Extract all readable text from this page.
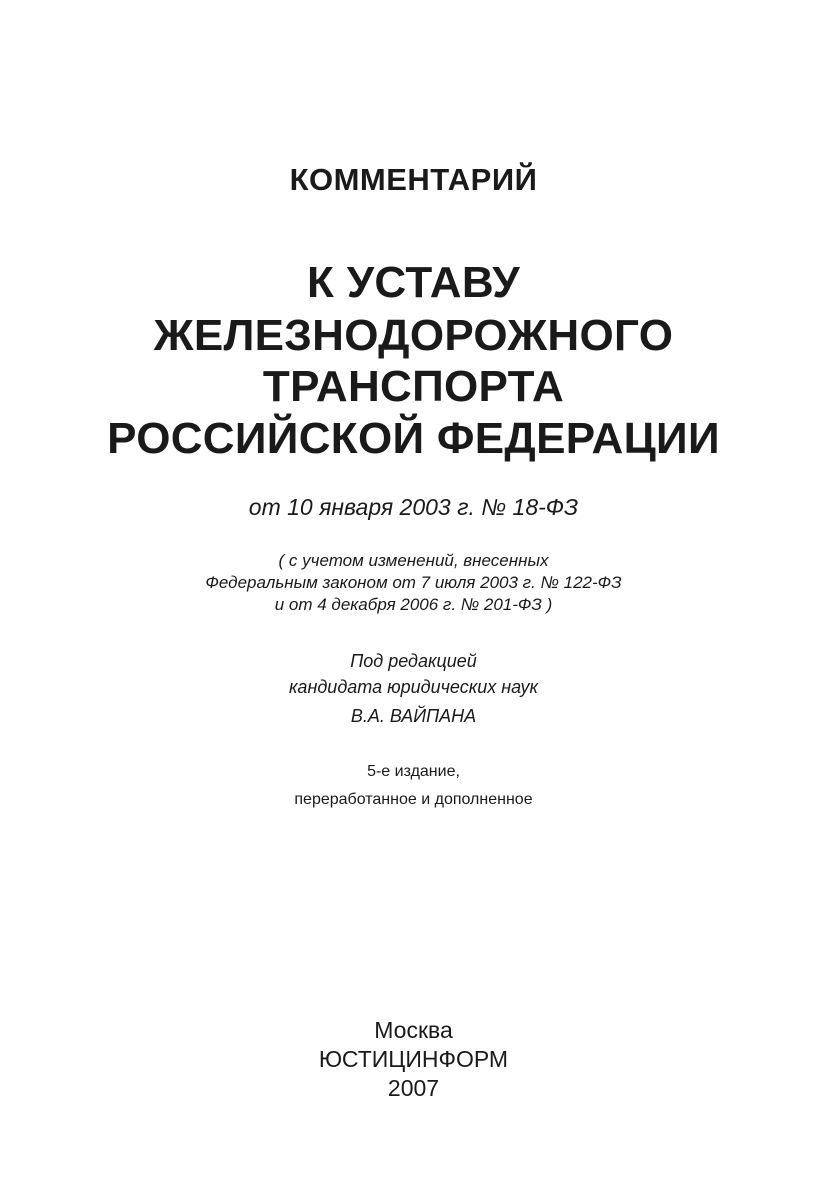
КОММЕНТАРИЙ

К УСТАВУ

ЖЕЛЕЗНОДОРОЖНОГО

ТРАНСПОРТА

РОССИЙСКОЙ ФЕДЕРАЦИИ

от 10 января 2003 г. № 18-ФЗ

( с учетом изменений, внесенных

Федеральным законом от 7 июля 2003 г. № 122-ФЗ

и от 4 декабря 2006 г. № 201-ФЗ )

Под редакцией

кандидата юридических наук

В.А. ВАЙПАНА

5-е издание,

переработанное и дополненное

Москва

ЮСТИЦИНФОРМ

2007
